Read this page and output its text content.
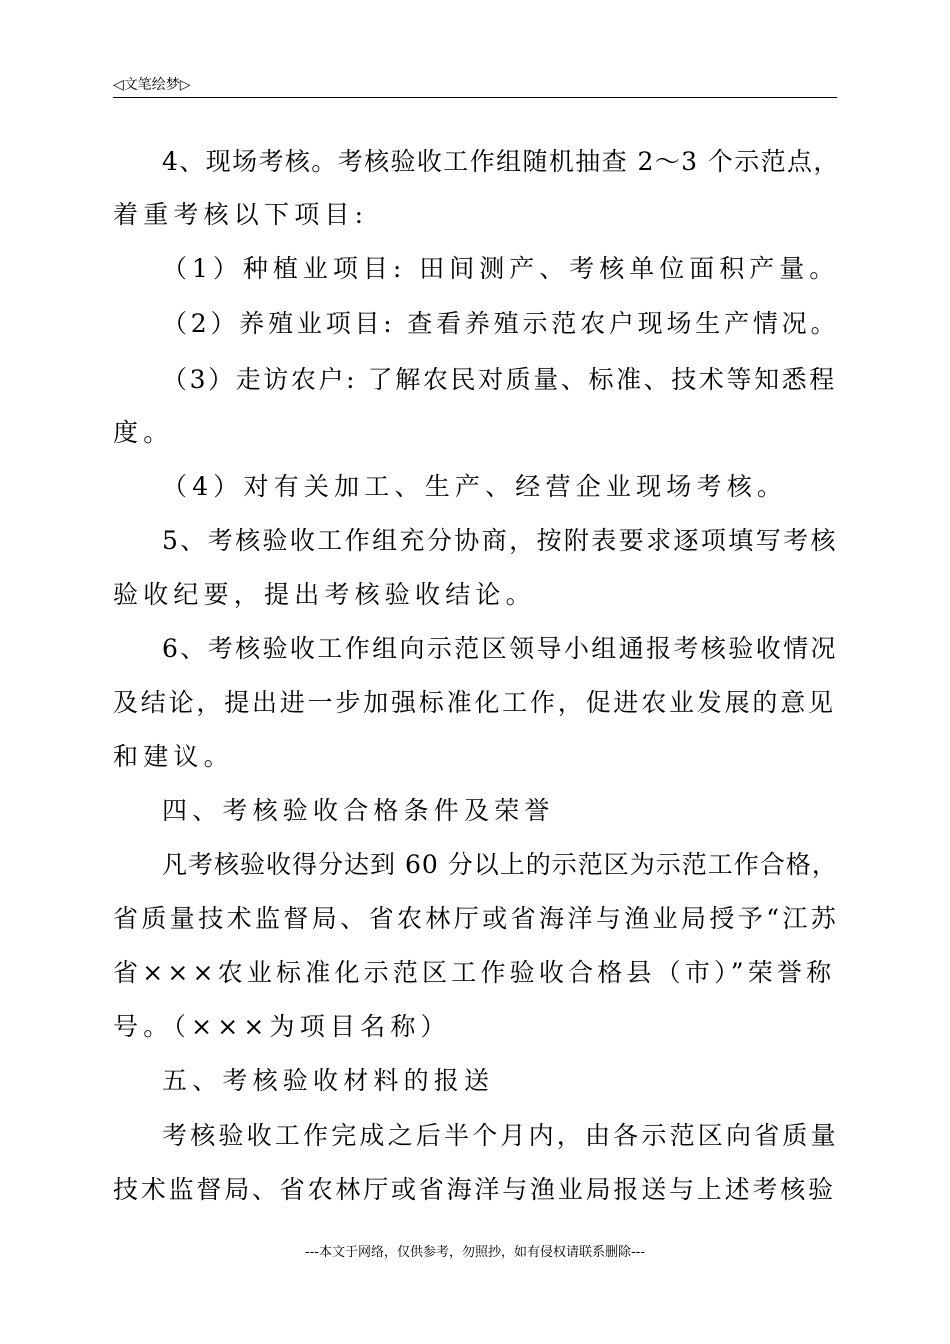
◁文笔绘梦▷
4、现场考核。考核验收工作组随机抽查 2～3 个示范点，
着重考核以下项目:
（1）种植业项目: 田间测产、考核单位面积产量。
（2）养殖业项目: 查看养殖示范农户现场生产情况。
（3）走访农户: 了解农民对质量、标准、技术等知悉程
度。
（4）对有关加工、生产、经营企业现场考核。
5、考核验收工作组充分协商，按附表要求逐项填写考核
验收纪要，提出考核验收结论。
6、考核验收工作组向示范区领导小组通报考核验收情况
及结论，提出进一步加强标准化工作，促进农业发展的意见
和建议。
四、考核验收合格条件及荣誉
凡考核验收得分达到 60 分以上的示范区为示范工作合格，
省质量技术监督局、省农林厅或省海洋与渔业局授予“江苏
省×××农业标准化示范区工作验收合格县（市）”荣誉称
号。（×××为项目名称）
五、考核验收材料的报送
考核验收工作完成之后半个月内，由各示范区向省质量
技术监督局、省农林厅或省海洋与渔业局报送与上述考核验
---本文于网络，仅供参考，勿照抄，如有侵权请联系删除---
